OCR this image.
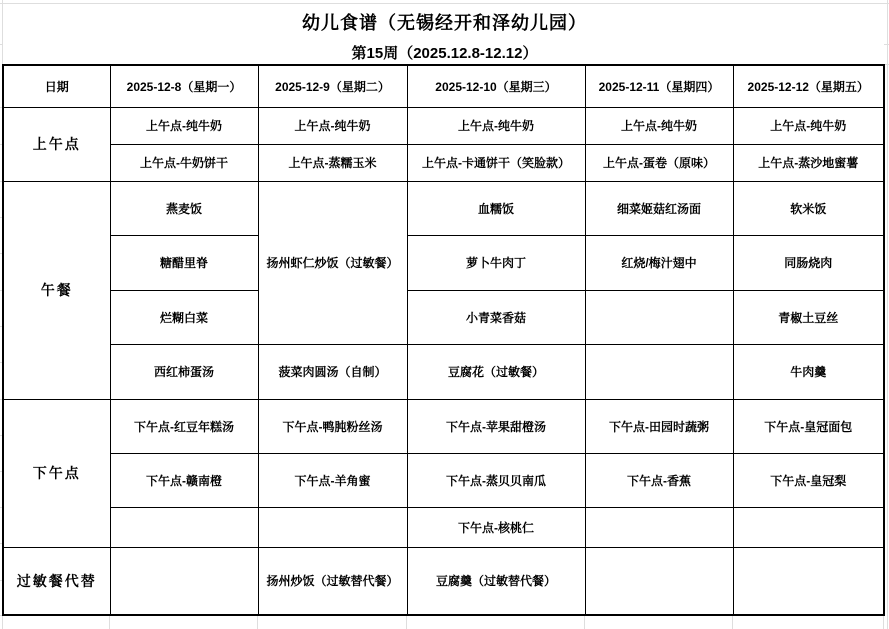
幼儿食谱（无锡经开和泽幼儿园）
第15周（2025.12.8-12.12）
日期	2025-12-8（星期一）	2025-12-9（星期二）	2025-12-10（星期三）	2025-12-11（星期四）	2025-12-12（星期五）
上午点	上午点-纯牛奶	上午点-纯牛奶	上午点-纯牛奶	上午点-纯牛奶	上午点-纯牛奶
	上午点-牛奶饼干	上午点-蒸糯玉米	上午点-卡通饼干（笑脸款）	上午点-蛋卷（原味）	上午点-蒸沙地蜜薯
午餐	燕麦饭	扬州虾仁炒饭（过敏餐）	血糯饭	细菜姬菇红汤面	软米饭
	糖醋里脊		萝卜牛肉丁	红烧/梅汁翅中	同肠烧肉
	烂糊白菜		小青菜香菇		青椒土豆丝
	西红柿蛋汤	菠菜肉圆汤（自制）	豆腐花（过敏餐）		牛肉羹
下午点	下午点-红豆年糕汤	下午点-鸭肫粉丝汤	下午点-苹果甜橙汤	下午点-田园时蔬粥	下午点-皇冠面包
	下午点-赣南橙	下午点-羊角蜜	下午点-蒸贝贝南瓜	下午点-香蕉	下午点-皇冠梨
			下午点-核桃仁		
过敏餐代替		扬州炒饭（过敏替代餐）	豆腐羹（过敏替代餐）		
